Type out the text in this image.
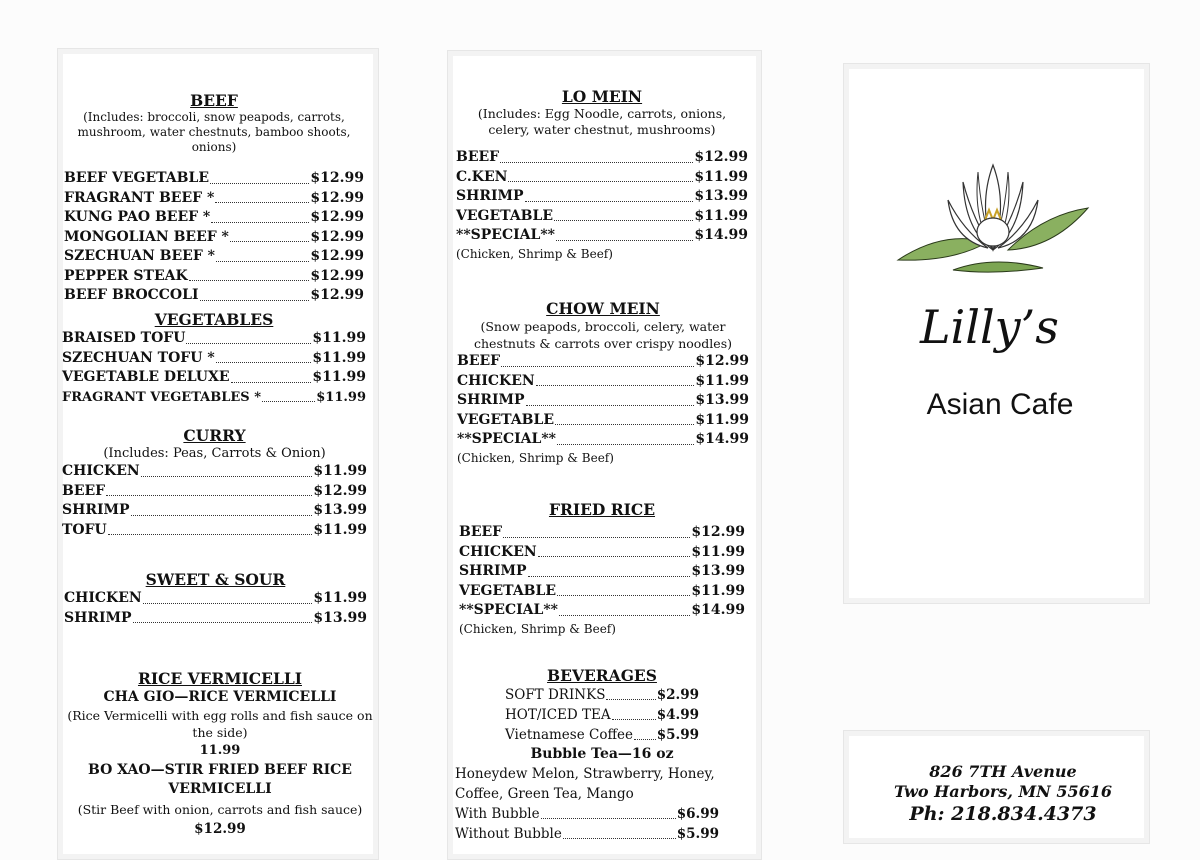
BEEF
(Includes: broccoli, snow peapods, carrots, mushroom, water chestnuts, bamboo shoots, onions)
BEEF VEGETABLE	$12.99
FRAGRANT BEEF *	$12.99
KUNG PAO BEEF *	$12.99
MONGOLIAN BEEF *	$12.99
SZECHUAN BEEF *	$12.99
PEPPER STEAK	$12.99
BEEF BROCCOLI	$12.99
VEGETABLES
BRAISED TOFU	$11.99
SZECHUAN TOFU *	$11.99
VEGETABLE DELUXE	$11.99
FRAGRANT VEGETABLES *	$11.99
CURRY
(Includes: Peas, Carrots & Onion)
CHICKEN	$11.99
BEEF	$12.99
SHRIMP	$13.99
TOFU	$11.99
SWEET & SOUR
CHICKEN	$11.99
SHRIMP	$13.99
RICE VERMICELLI
CHA GIO—RICE VERMICELLI
(Rice Vermicelli with egg rolls and fish sauce on the side)
11.99
BO XAO—STIR FRIED BEEF RICE VERMICELLI
(Stir Beef with onion, carrots and fish sauce)
$12.99
LO MEIN
(Includes: Egg Noodle, carrots, onions, celery, water chestnut, mushrooms)
BEEF	$12.99
C.KEN	$11.99
SHRIMP	$13.99
VEGETABLE	$11.99
**SPECIAL**	$14.99
(Chicken, Shrimp & Beef)
CHOW MEIN
(Snow peapods, broccoli, celery, water chestnuts & carrots over crispy noodles)
BEEF	$12.99
CHICKEN	$11.99
SHRIMP	$13.99
VEGETABLE	$11.99
**SPECIAL**	$14.99
(Chicken, Shrimp & Beef)
FRIED RICE
BEEF	$12.99
CHICKEN	$11.99
SHRIMP	$13.99
VEGETABLE	$11.99
**SPECIAL**	$14.99
(Chicken, Shrimp & Beef)
BEVERAGES
SOFT DRINKS	$2.99
HOT/ICED TEA	$4.99
Vietnamese Coffee $5.99
Bubble Tea—16 oz
Honeydew Melon, Strawberry, Honey,
Coffee, Green Tea, Mango
With Bubble	$6.99
Without Bubble	$5.99
Lilly’s
Asian Cafe
826 7TH Avenue
Two Harbors, MN 55616
Ph: 218.834.4373
